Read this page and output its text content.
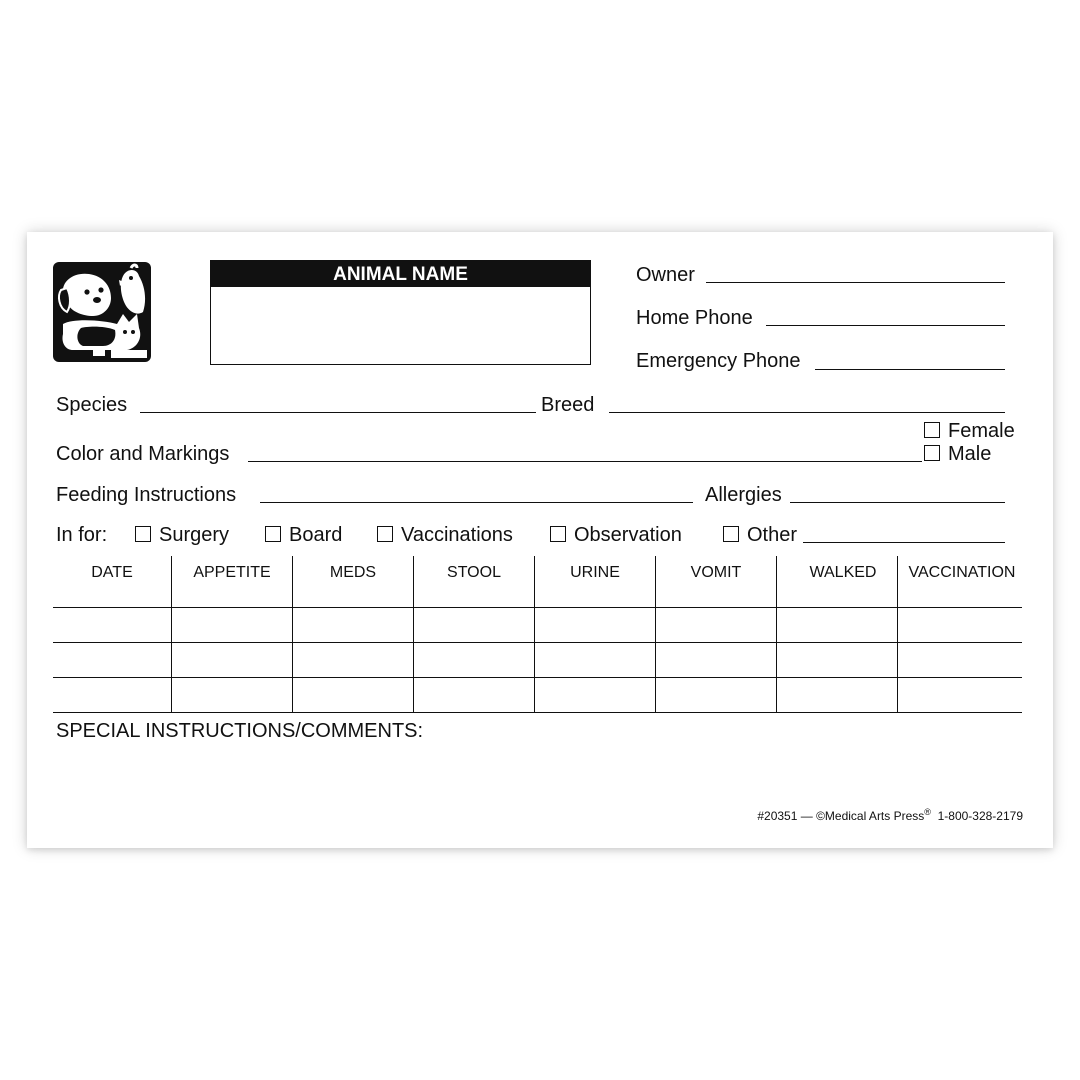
ANIMAL NAME	Owner
Home Phone
Emergency Phone
Species	Breed
Color and Markings
Female
Male
Feeding Instructions	Allergies
In for:	Surgery	Board	Vaccinations	Observation	Other
DATE	APPETITE	MEDS	STOOL	URINE	VOMIT	WALKED	VACCINATION
SPECIAL INSTRUCTIONS/COMMENTS:
#20351 — ©Medical Arts Press® 1-800-328-2179
